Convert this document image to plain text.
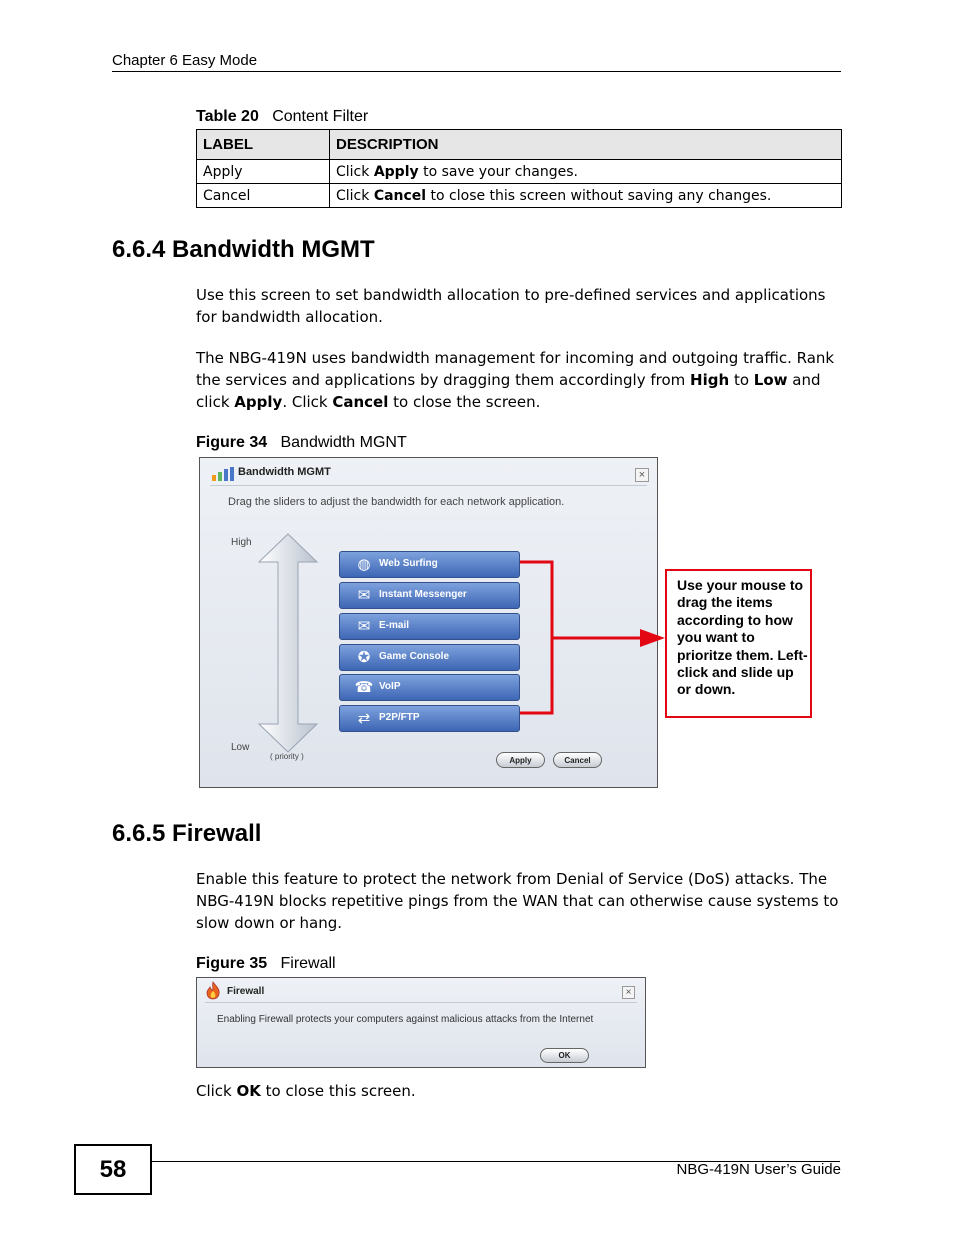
Chapter 6 Easy Mode
Table 20 Content Filter
LABEL	DESCRIPTION
Apply	Click Apply to save your changes.
Cancel	Click Cancel to close this screen without saving any changes.
6.6.4 Bandwidth MGMT
Use this screen to set bandwidth allocation to pre-defined services and applications for bandwidth allocation.
The NBG-419N uses bandwidth management for incoming and outgoing traffic. Rank the services and applications by dragging them accordingly from High to Low and click Apply. Click Cancel to close the screen.
Figure 34 Bandwidth MGNT
Bandwidth MGMT	×
Drag the sliders to adjust the bandwidth for each network application.
High
Low
( priority )
◍ Web Surfing
✉ Instant Messenger
✉ E-mail
✪ Game Console
☎ VoIP
⇄ P2P/FTP
Apply	Cancel
Use your mouse to drag the items according to how you want to prioritze them. Left-click and slide up or down.
6.6.5 Firewall
Enable this feature to protect the network from Denial of Service (DoS) attacks. The NBG-419N blocks repetitive pings from the WAN that can otherwise cause systems to slow down or hang.
Figure 35 Firewall
Firewall	×
Enabling Firewall protects your computers against malicious attacks from the Internet
OK
Click OK to close this screen.
58	NBG-419N User’s Guide
